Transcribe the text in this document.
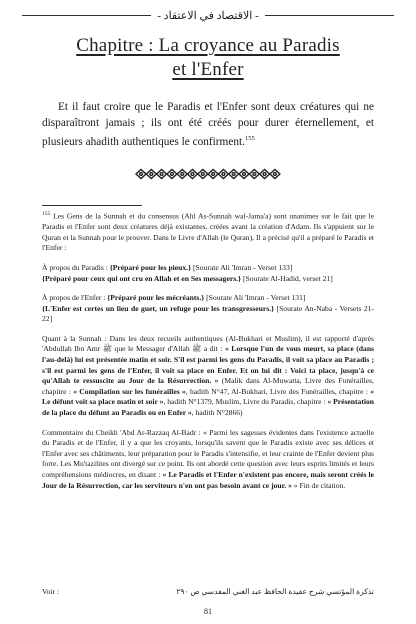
- الاقتصاد في الاعتقاد -
Chapitre : La croyance au Paradis
et l'Enfer

Et il faut croire que le Paradis et l'Enfer sont deux créatures qui ne disparaîtront jamais ; ils ont été créés pour durer éternellement, et plusieurs ahadith authentiques le confirment.$^{155}$

$^{155}$ Les Gens de la Sunnah et du consensus (Ahl As-Sunnah wal-Jama'a) sont unanimes sur le fait que le Paradis et l'Enfer sont deux créatures déjà existantes, créées avant la création d'Adam. Ils s'appuient sur le Quran et la Sunnah pour le prouver. Dans le Livre d'Allah (le Quran), Il a précisé qu'il a préparé le Paradis et l'Enfer :

À propos du Paradis : {Préparé pour les pieux.} [Sourate Ali 'Imran - Verset 133]
{Préparé pour ceux qui ont cru en Allah et en Ses messagers.} [Sourate Al-Hadid, verset 21]

À propos de l'Enfer : {Préparé pour les mécréants.} [Sourate Ali 'Imran - Verset 131]
{L'Enfer est certes un lieu de guet, un refuge pour les transgresseurs.} [Sourate An-Naba - Versets 21-22]

Quant à la Sunnah : Dans les deux recueils authentiques (Al-Bukhari et Muslim), il est rapporté d'après 'Abdullah Ibn Amr ﷺ que le Messager d'Allah ﷺ a dit : « Lorsque l'un de vous meurt, sa place (dans l'au-delà) lui est présentée matin et soir. S'il est parmi les gens du Paradis, il voit sa place au Paradis ; s'il est parmi les gens de l'Enfer, il voit sa place en Enfer. Et on lui dit : Voici ta place, jusqu'à ce qu'Allah te ressuscite au Jour de la Résurrection. » (Malik dans Al-Muwatta, Livre des Funérailles, chapitre : « Compilation sur les funérailles », hadith N°47, Al-Bukhari, Livre des Funérailles, chapitre : « Le défunt voit sa place matin et soir », hadith N°1379, Muslim, Livre du Paradis, chapitre : « Présentation de la place du défunt au Paradis ou en Enfer », hadith N°2866)

Commentaire du Cheikh 'Abd Ar-Razzaq Al-Badr : « Parmi les sagesses évidentes dans l'existence actuelle du Paradis et de l'Enfer, il y a que les croyants, lorsqu'ils savent que le Paradis existe avec ses délices et l'Enfer avec ses châtiments, leur préparation pour le Paradis s'intensifie, et leur crainte de l'Enfer devient plus forte. Les Mu'tazilites ont divergé sur ce point. Ils ont abordé cette question avec leurs esprits limités et leurs compréhensions médiocres, en disant : « Le Paradis et l'Enfer n'existent pas encore, mais seront créés le Jour de la Résurrection, car les serviteurs n'en ont pas besoin avant ce jour. » » Fin de citation.

Voir :	تذكرة المؤتسي شرح عقيدة الحافظ عبد الغني المقدسي ص ٢٩٠
81
